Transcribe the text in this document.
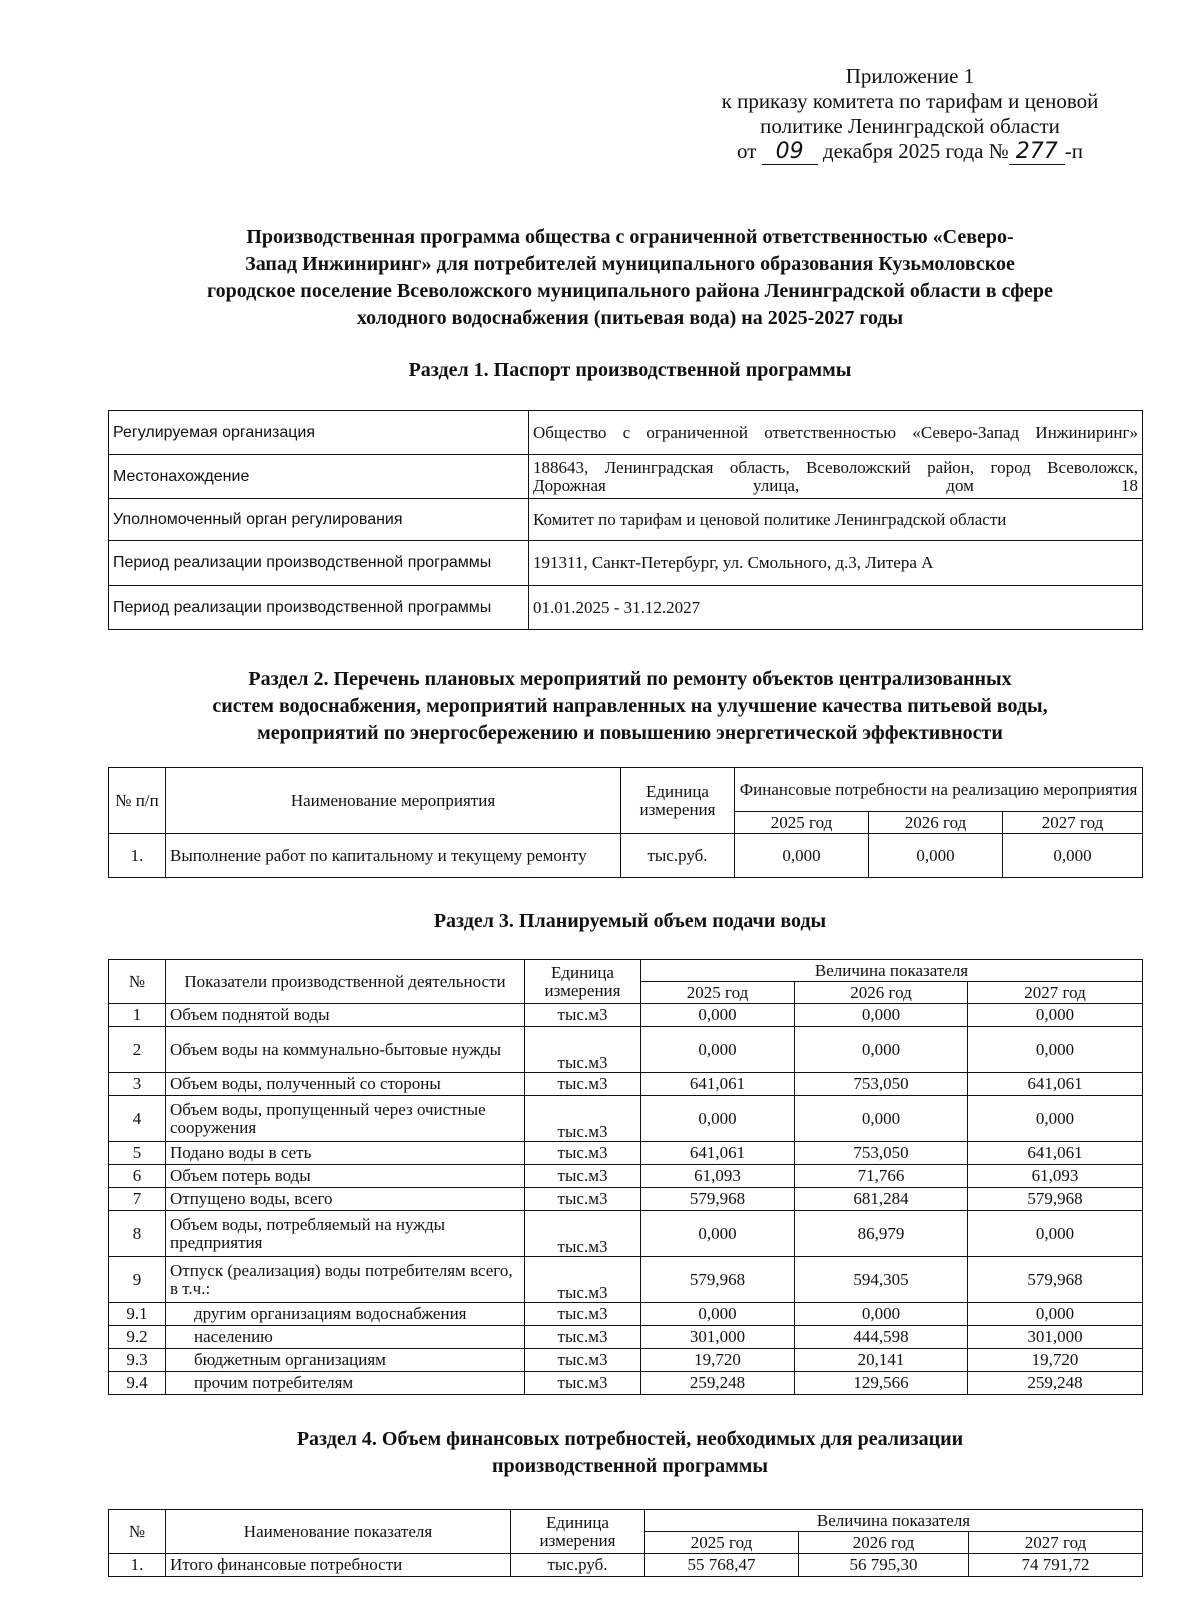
Приложение 1
к приказу комитета по тарифам и ценовой
политике Ленинградской области
от 09 декабря 2025 года № 277 -п
Производственная программа общества с ограниченной ответственностью «Северо-
Запад Инжиниринг» для потребителей муниципального образования Кузьмоловское
городское поселение Всеволожского муниципального района Ленинградской области в сфере
холодного водоснабжения (питьевая вода) на 2025-2027 годы
Раздел 1. Паспорт производственной программы
Регулируемая организация	Общество с ограниченной ответственностью «Северо-Запад Инжиниринг»
Местонахождение	188643, Ленинградская область, Всеволожский район, город Всеволожск, Дорожная улица, дом 18
Уполномоченный орган регулирования	Комитет по тарифам и ценовой политике Ленинградской области
Период реализации производственной программы	191311, Санкт-Петербург, ул. Смольного, д.3, Литера А
Период реализации производственной программы	01.01.2025 - 31.12.2027
Раздел 2. Перечень плановых мероприятий по ремонту объектов централизованных
систем водоснабжения, мероприятий направленных на улучшение качества питьевой воды,
мероприятий по энергосбережению и повышению энергетической эффективности
№ п/п	Наименование мероприятия	Единица измерения	Финансовые потребности на реализацию мероприятия		
			2025 год	2026 год	2027 год
1.	Выполнение работ по капитальному и текущему ремонту	тыс.руб.	0,000	0,000	0,000
Раздел 3. Планируемый объем подачи воды
№	Показатели производственной деятельности	Единица измерения	Величина показателя		
			2025 год	2026 год	2027 год
1	Объем поднятой воды	тыс.м3	0,000	0,000	0,000
2	Объем воды на коммунально-бытовые нужды	тыс.м3	0,000	0,000	0,000
3	Объем воды, полученный со стороны	тыс.м3	641,061	753,050	641,061
4	Объем воды, пропущенный через очистные сооружения	тыс.м3	0,000	0,000	0,000
5	Подано воды в сеть	тыс.м3	641,061	753,050	641,061
6	Объем потерь воды	тыс.м3	61,093	71,766	61,093
7	Отпущено воды, всего	тыс.м3	579,968	681,284	579,968
8	Объем воды, потребляемый на нужды предприятия	тыс.м3	0,000	86,979	0,000
9	Отпуск (реализация) воды потребителям всего, в т.ч.:	тыс.м3	579,968	594,305	579,968
9.1	другим организациям водоснабжения	тыс.м3	0,000	0,000	0,000
9.2	населению	тыс.м3	301,000	444,598	301,000
9.3	бюджетным организациям	тыс.м3	19,720	20,141	19,720
9.4	прочим потребителям	тыс.м3	259,248	129,566	259,248
Раздел 4. Объем финансовых потребностей, необходимых для реализации
производственной программы
№	Наименование показателя	Единица измерения	Величина показателя		
			2025 год	2026 год	2027 год
1.	Итого финансовые потребности	тыс.руб.	55 768,47	56 795,30	74 791,72
